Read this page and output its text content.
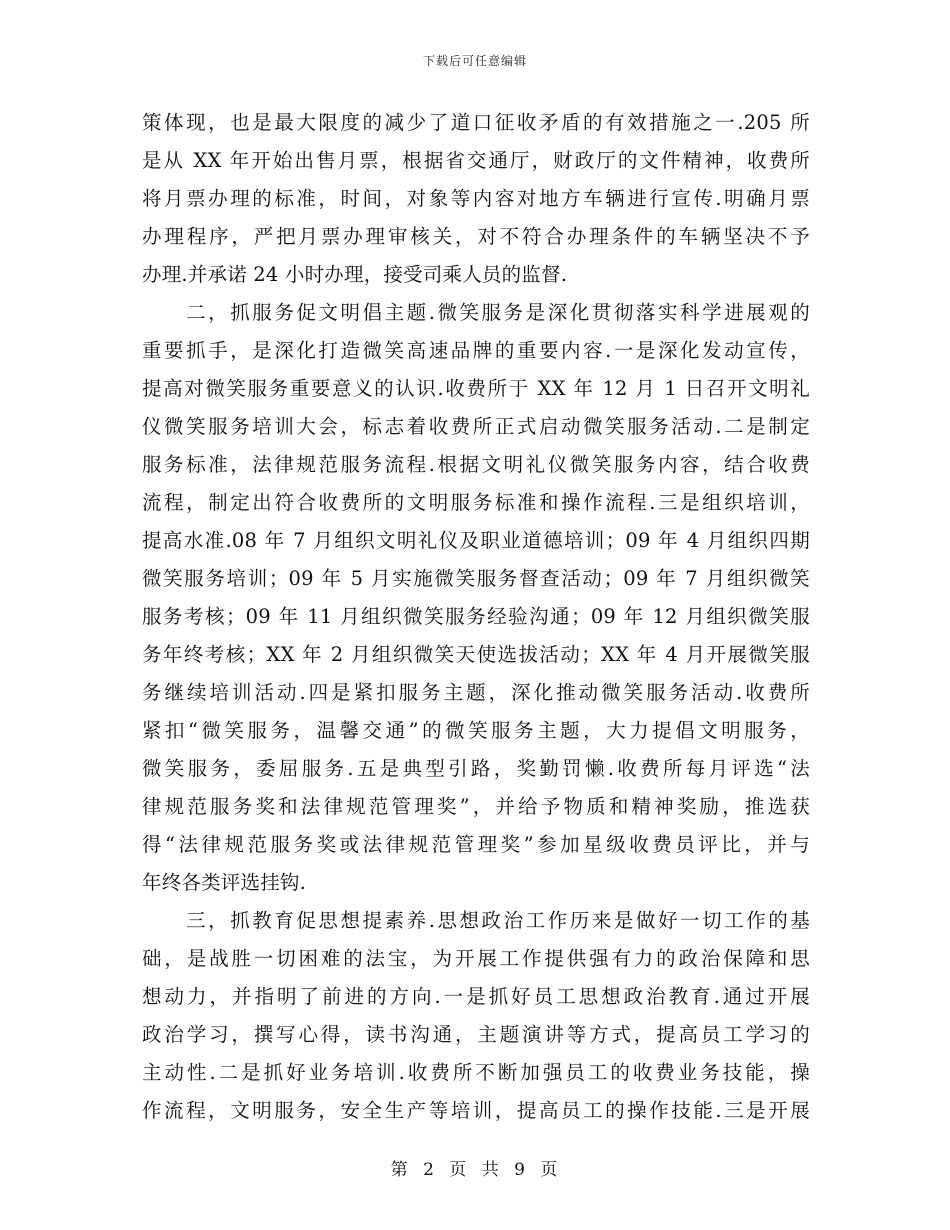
下载后可任意编辑
策体现，也是最大限度的减少了道口征收矛盾的有效措施之一.205 所
是从 XX 年开始出售月票，根据省交通厅，财政厅的文件精神，收费所
将月票办理的标准，时间，对象等内容对地方车辆进行宣传.明确月票
办理程序，严把月票办理审核关，对不符合办理条件的车辆坚决不予
办理.并承诺 24 小时办理，接受司乘人员的监督.
　　二，抓服务促文明倡主题.微笑服务是深化贯彻落实科学进展观的
重要抓手，是深化打造微笑高速品牌的重要内容.一是深化发动宣传，
提高对微笑服务重要意义的认识.收费所于 XX 年 12 月 1 日召开文明礼
仪微笑服务培训大会，标志着收费所正式启动微笑服务活动.二是制定
服务标准，法律规范服务流程.根据文明礼仪微笑服务内容，结合收费
流程，制定出符合收费所的文明服务标准和操作流程.三是组织培训，
提高水准.08 年 7 月组织文明礼仪及职业道德培训；09 年 4 月组织四期
微笑服务培训；09 年 5 月实施微笑服务督查活动；09 年 7 月组织微笑
服务考核；09 年 11 月组织微笑服务经验沟通；09 年 12 月组织微笑服
务年终考核；XX 年 2 月组织微笑天使选拔活动；XX 年 4 月开展微笑服
务继续培训活动.四是紧扣服务主题，深化推动微笑服务活动.收费所
紧扣“微笑服务，温馨交通”的微笑服务主题，大力提倡文明服务，
微笑服务，委屈服务.五是典型引路，奖勤罚懒.收费所每月评选“法
律规范服务奖和法律规范管理奖”，并给予物质和精神奖励，推选获
得“法律规范服务奖或法律规范管理奖”参加星级收费员评比，并与
年终各类评选挂钩.
　　三，抓教育促思想提素养.思想政治工作历来是做好一切工作的基
础，是战胜一切困难的法宝，为开展工作提供强有力的政治保障和思
想动力，并指明了前进的方向.一是抓好员工思想政治教育.通过开展
政治学习，撰写心得，读书沟通，主题演讲等方式，提高员工学习的
主动性.二是抓好业务培训.收费所不断加强员工的收费业务技能，操
作流程，文明服务，安全生产等培训，提高员工的操作技能.三是开展
第 2 页 共 9 页
